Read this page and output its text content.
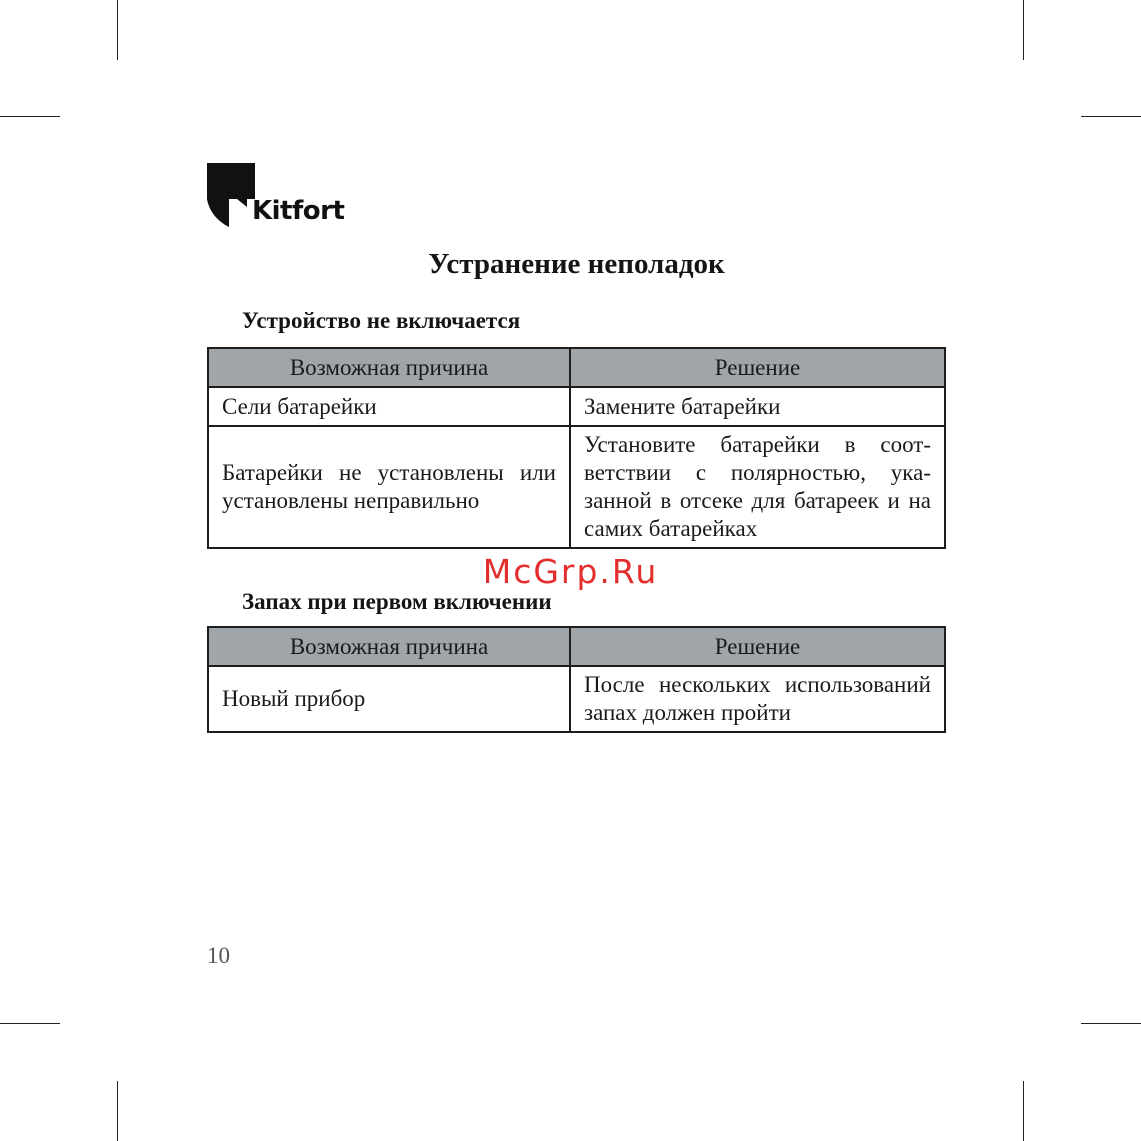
Kitfort
Устранение неполадок
Устройство не включается
Возможная причина	Решение
Сели батарейки	Замените батарейки
Батарейки не установлены или установлены неправильно	Установите батарейки в соответствии с полярностью, указанной в отсеке для батареек и на самих батарейках
McGrp.Ru
Запах при первом включении
Возможная причина	Решение
Новый прибор	После нескольких использований запах должен пройти
10
